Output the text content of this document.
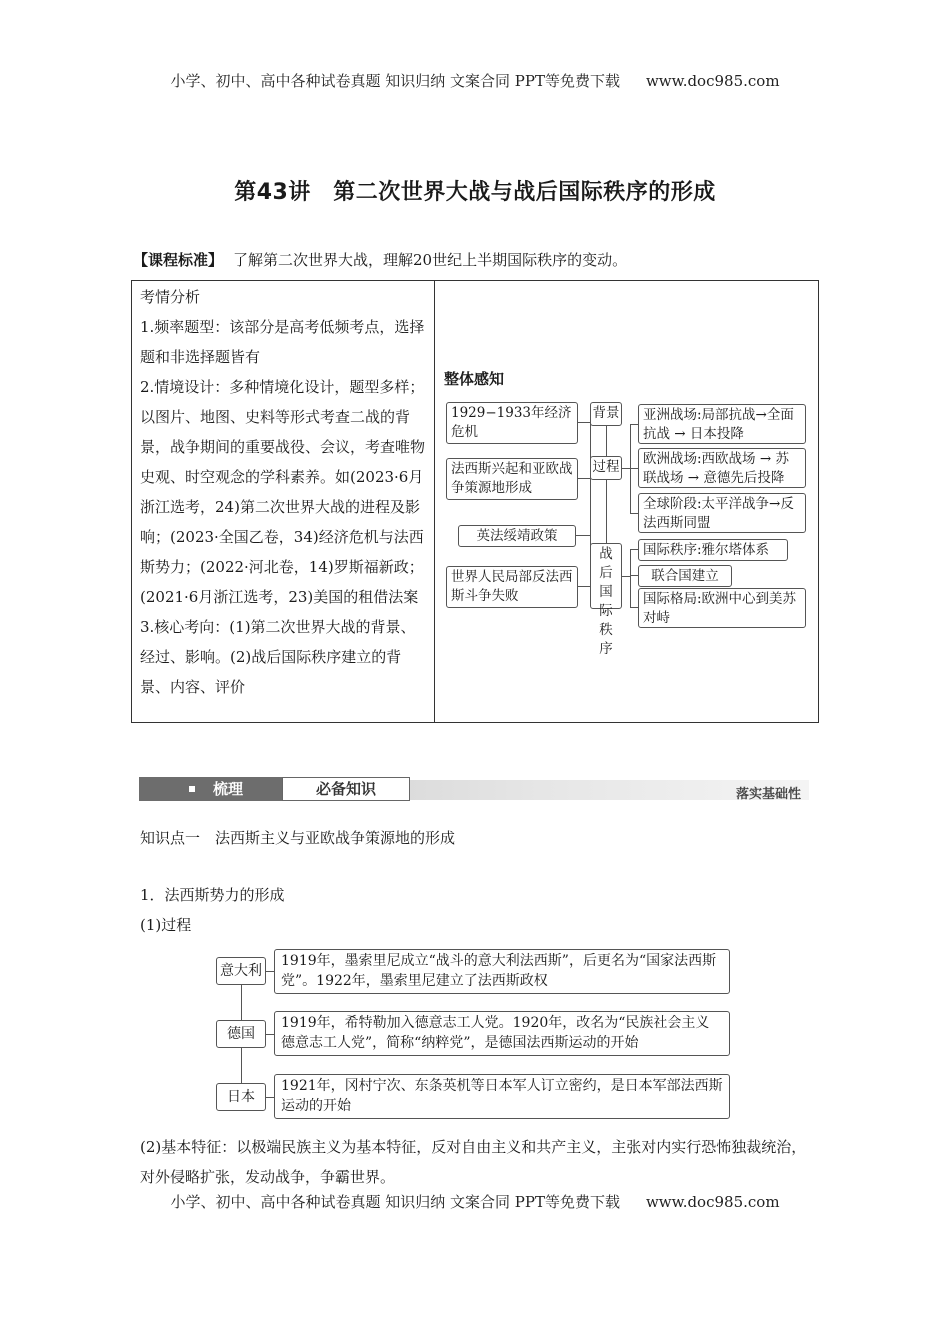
小学、初中、高中各种试卷真题 知识归纳 文案合同 PPT等免费下载 www.doc985.com
第43讲　第二次世界大战与战后国际秩序的形成
【课程标准】 了解第二次世界大战，理解20世纪上半期国际秩序的变动。

考情分析

1.频率题型：该部分是高考低频考点，选择题和非选择题皆有

2.情境设计：多种情境化设计，题型多样；以图片、地图、史料等形式考查二战的背景，战争期间的重要战役、会议，考查唯物史观、时空观念的学科素养。如(2023·6月浙江选考，24)第二次世界大战的进程及影响；(2023·全国乙卷，34)经济危机与法西斯势力；(2022·河北卷，14)罗斯福新政；(2021·6月浙江选考，23)美国的租借法案

3.核心考向：(1)第二次世界大战的背景、经过、影响。(2)战后国际秩序建立的背景、内容、评价

整体感知
1929−1933年经济危机
法西斯兴起和亚欧战争策源地形成
英法绥靖政策
世界人民局部反法西斯斗争失败
背景
过程
战后国际秩序
亚洲战场:局部抗战→全面抗战 → 日本投降
欧洲战场:西欧战场 → 苏联战场 → 意德先后投降
全球阶段:太平洋战争→反法西斯同盟
国际秩序:雅尔塔体系
联合国建立
国际格局:欧洲中心到美苏对峙
梳理	必备知识	落实基础性
知识点一　法西斯主义与亚欧战争策源地的形成
1．法西斯势力的形成
(1)过程
意大利
1919年，墨索里尼成立“战斗的意大利法西斯”，后更名为“国家法西斯党”。1922年，墨索里尼建立了法西斯政权
德国
1919年，希特勒加入德意志工人党。1920年，改名为“民族社会主义德意志工人党”，简称“纳粹党”，是德国法西斯运动的开始
日本
1921年，冈村宁次、东条英机等日本军人订立密约，是日本军部法西斯运动的开始
(2)基本特征：以极端民族主义为基本特征，反对自由主义和共产主义，主张对内实行恐怖独裁统治，对外侵略扩张，发动战争，争霸世界。
小学、初中、高中各种试卷真题 知识归纳 文案合同 PPT等免费下载 www.doc985.com
